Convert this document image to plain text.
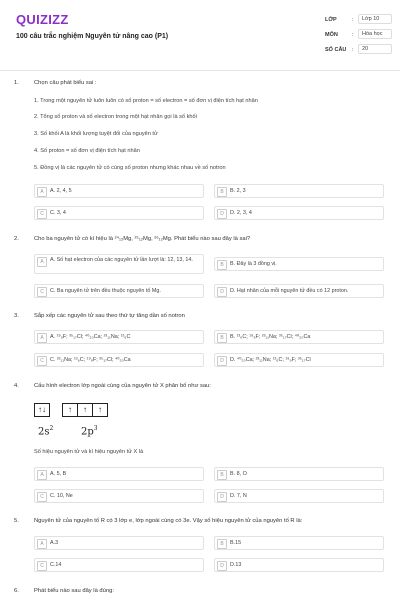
QUIZIZZ
100 câu trắc nghiệm Nguyên tử nâng cao (P1)
LỚP	:	Lớp 10
MÔN	:	Hóa học
SỐ CÂU :	20
1.	Chọn câu phát biểu sai :
1. Trong một nguyên tử luôn luôn có số proton = số electron = số đơn vị điện tích hạt nhân
2. Tổng số proton và số electron trong một hạt nhân gọi là số khối
3. Số khối A là khối lượng tuyệt đối của nguyên tử
4. Số proton = số đơn vị điện tích hạt nhân
5. Đồng vị là các nguyên tử có cùng số proton nhưng khác nhau về số notron
A	A. 2, 4, 5	B	B. 2, 3
C	C. 3, 4	D	D. 2, 3, 4
2.	Cho ba nguyên tử có kí hiệu là ²⁴₁₂Mg, ²⁵₁₂Mg, ²⁶₁₂Mg. Phát biểu nào sau đây là sai?
A	A. Số hạt electron của các nguyên tử lần lượt là: 12, 13, 14.
B	B. Đây là 3 đồng vị.
C	C. Ba nguyên tử trên đều thuộc nguyên tố Mg.	D	D. Hạt nhân của mỗi nguyên tử đều có 12 proton.
3.	Sắp xếp các nguyên tử sau theo thứ tự tăng dần số notron
A	A. ¹⁹₉F; ³⁵₁₇Cl; ⁴⁰₂₀Ca; ²³₁₁Na; ¹³₆C	B	B. ¹³₆C; ¹⁹₉F; ²³₁₁Na; ³⁵₁₇Cl; ⁴⁰₂₀Ca
C	C. ²³₁₁Na; ¹³₆C; ¹⁹₉F; ³⁵₁₇Cl; ⁴⁰₂₀Ca	D	D. ⁴⁰₂₀Ca; ²³₁₁Na; ¹³₆C; ¹⁹₉F; ³⁵₁₇Cl
4.	Cấu hình electron lớp ngoài cùng của nguyên tử X phân bố như sau:
↑↓	↑	↑	↑
$2s^2$	$2p^3$
Số hiệu nguyên tử và kí hiệu nguyên tử X là
A	A. 5, B	B	B. 8, O
C	C. 10, Ne	D	D. 7, N
5.	Nguyên tử của nguyên tố R có 3 lớp e, lớp ngoài cùng có 3e. Vậy số hiệu nguyên tử của nguyên tố R là:
A	A.3	B	B.15
C	C.14	D	D.13
6.	Phát biểu nào sau đây là đúng:
